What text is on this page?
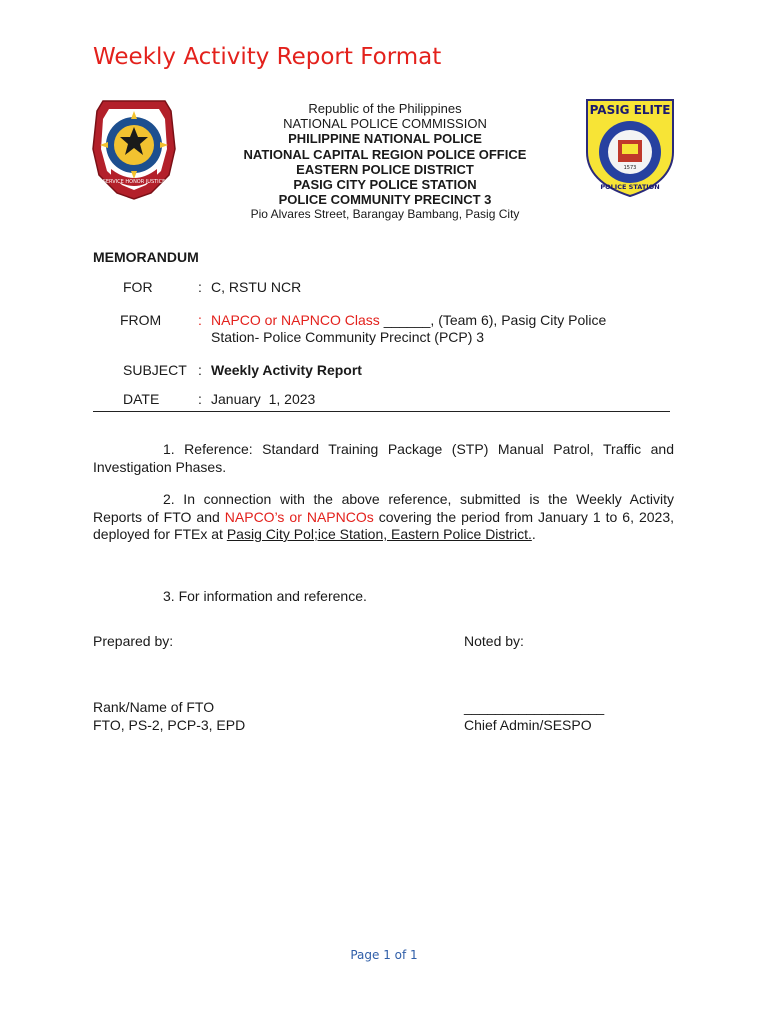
Weekly Activity Report Format
SERVICE HONOR JUSTICE
PASIG ELITE
1573
POLICE STATION
Republic of the Philippines
NATIONAL POLICE COMMISSION
PHILIPPINE NATIONAL POLICE
NATIONAL CAPITAL REGION POLICE OFFICE
EASTERN POLICE DISTRICT
PASIG CITY POLICE STATION
POLICE COMMUNITY PRECINCT 3
Pio Alvares Street, Barangay Bambang, Pasig City
MEMORANDUM
FOR	: C, RSTU NCR
FROM	: NAPCO or NAPNCO Class ______, (Team 6), Pasig City Police
Station- Police Community Precinct (PCP) 3
SUBJECT : Weekly Activity Report
DATE	: January  1, 2023
1. Reference: Standard Training Package (STP) Manual Patrol, Traffic and Investigation Phases.
2. In connection with the above reference, submitted is the Weekly Activity Reports of FTO and NAPCO’s or NAPNCOs covering the period from January 1 to 6, 2023, deployed for FTEx at Pasig City Pol;ice Station, Eastern Police District..
3. For information and reference.
Prepared by:	Noted by:
Rank/Name of FTO
FTO, PS-2, PCP-3, EPD
__________________
Chief Admin/SESPO
Page 1 of 1
